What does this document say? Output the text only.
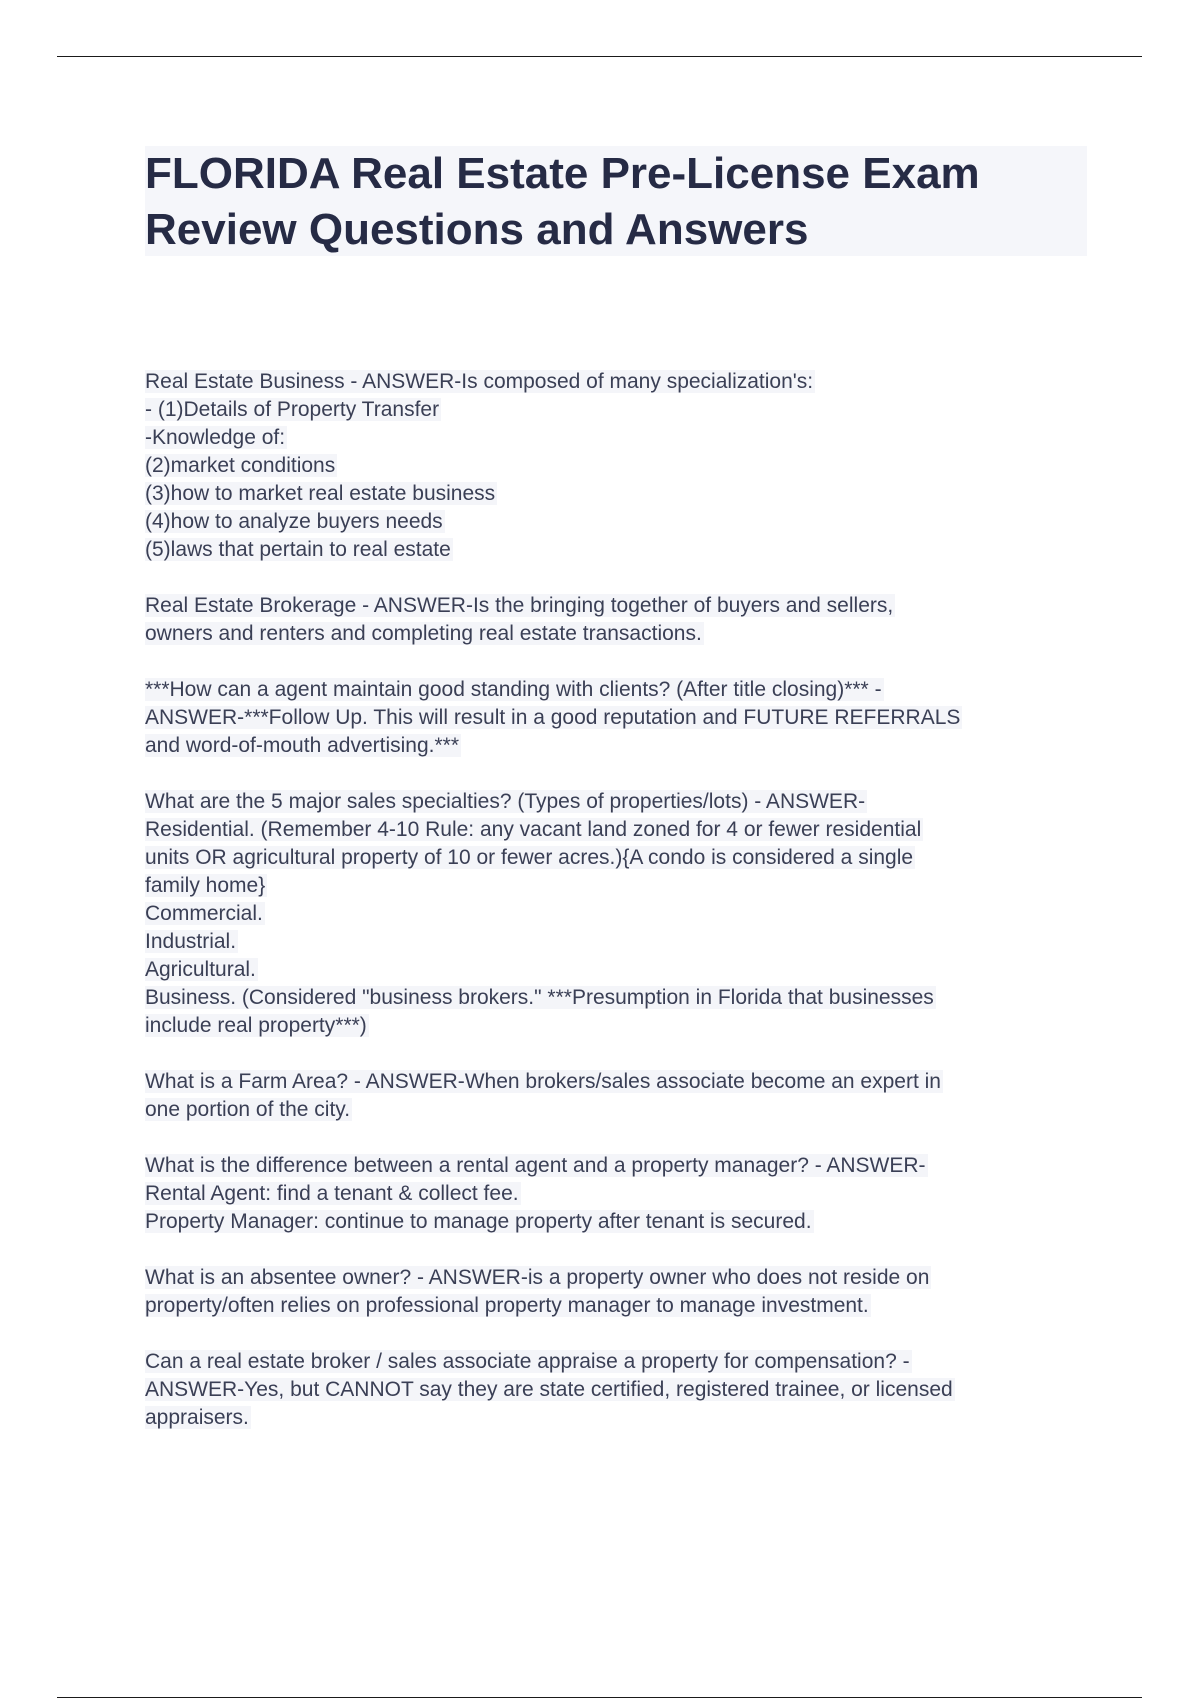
FLORIDA Real Estate Pre-License Exam
Review Questions and Answers
Real Estate Business - ANSWER-Is composed of many specialization's:
- (1)Details of Property Transfer
-Knowledge of:
(2)market conditions
(3)how to market real estate business
(4)how to analyze buyers needs
(5)laws that pertain to real estate
Real Estate Brokerage - ANSWER-Is the bringing together of buyers and sellers,
owners and renters and completing real estate transactions.
***How can a agent maintain good standing with clients? (After title closing)*** -
ANSWER-***Follow Up. This will result in a good reputation and FUTURE REFERRALS
and word-of-mouth advertising.***
What are the 5 major sales specialties? (Types of properties/lots) - ANSWER-
Residential. (Remember 4-10 Rule: any vacant land zoned for 4 or fewer residential
units OR agricultural property of 10 or fewer acres.){A condo is considered a single
family home}
Commercial.
Industrial.
Agricultural.
Business. (Considered "business brokers." ***Presumption in Florida that businesses
include real property***)
What is a Farm Area? - ANSWER-When brokers/sales associate become an expert in
one portion of the city.
What is the difference between a rental agent and a property manager? - ANSWER-
Rental Agent: find a tenant & collect fee.
Property Manager: continue to manage property after tenant is secured.
What is an absentee owner? - ANSWER-is a property owner who does not reside on
property/often relies on professional property manager to manage investment.
Can a real estate broker / sales associate appraise a property for compensation? -
ANSWER-Yes, but CANNOT say they are state certified, registered trainee, or licensed
appraisers.
